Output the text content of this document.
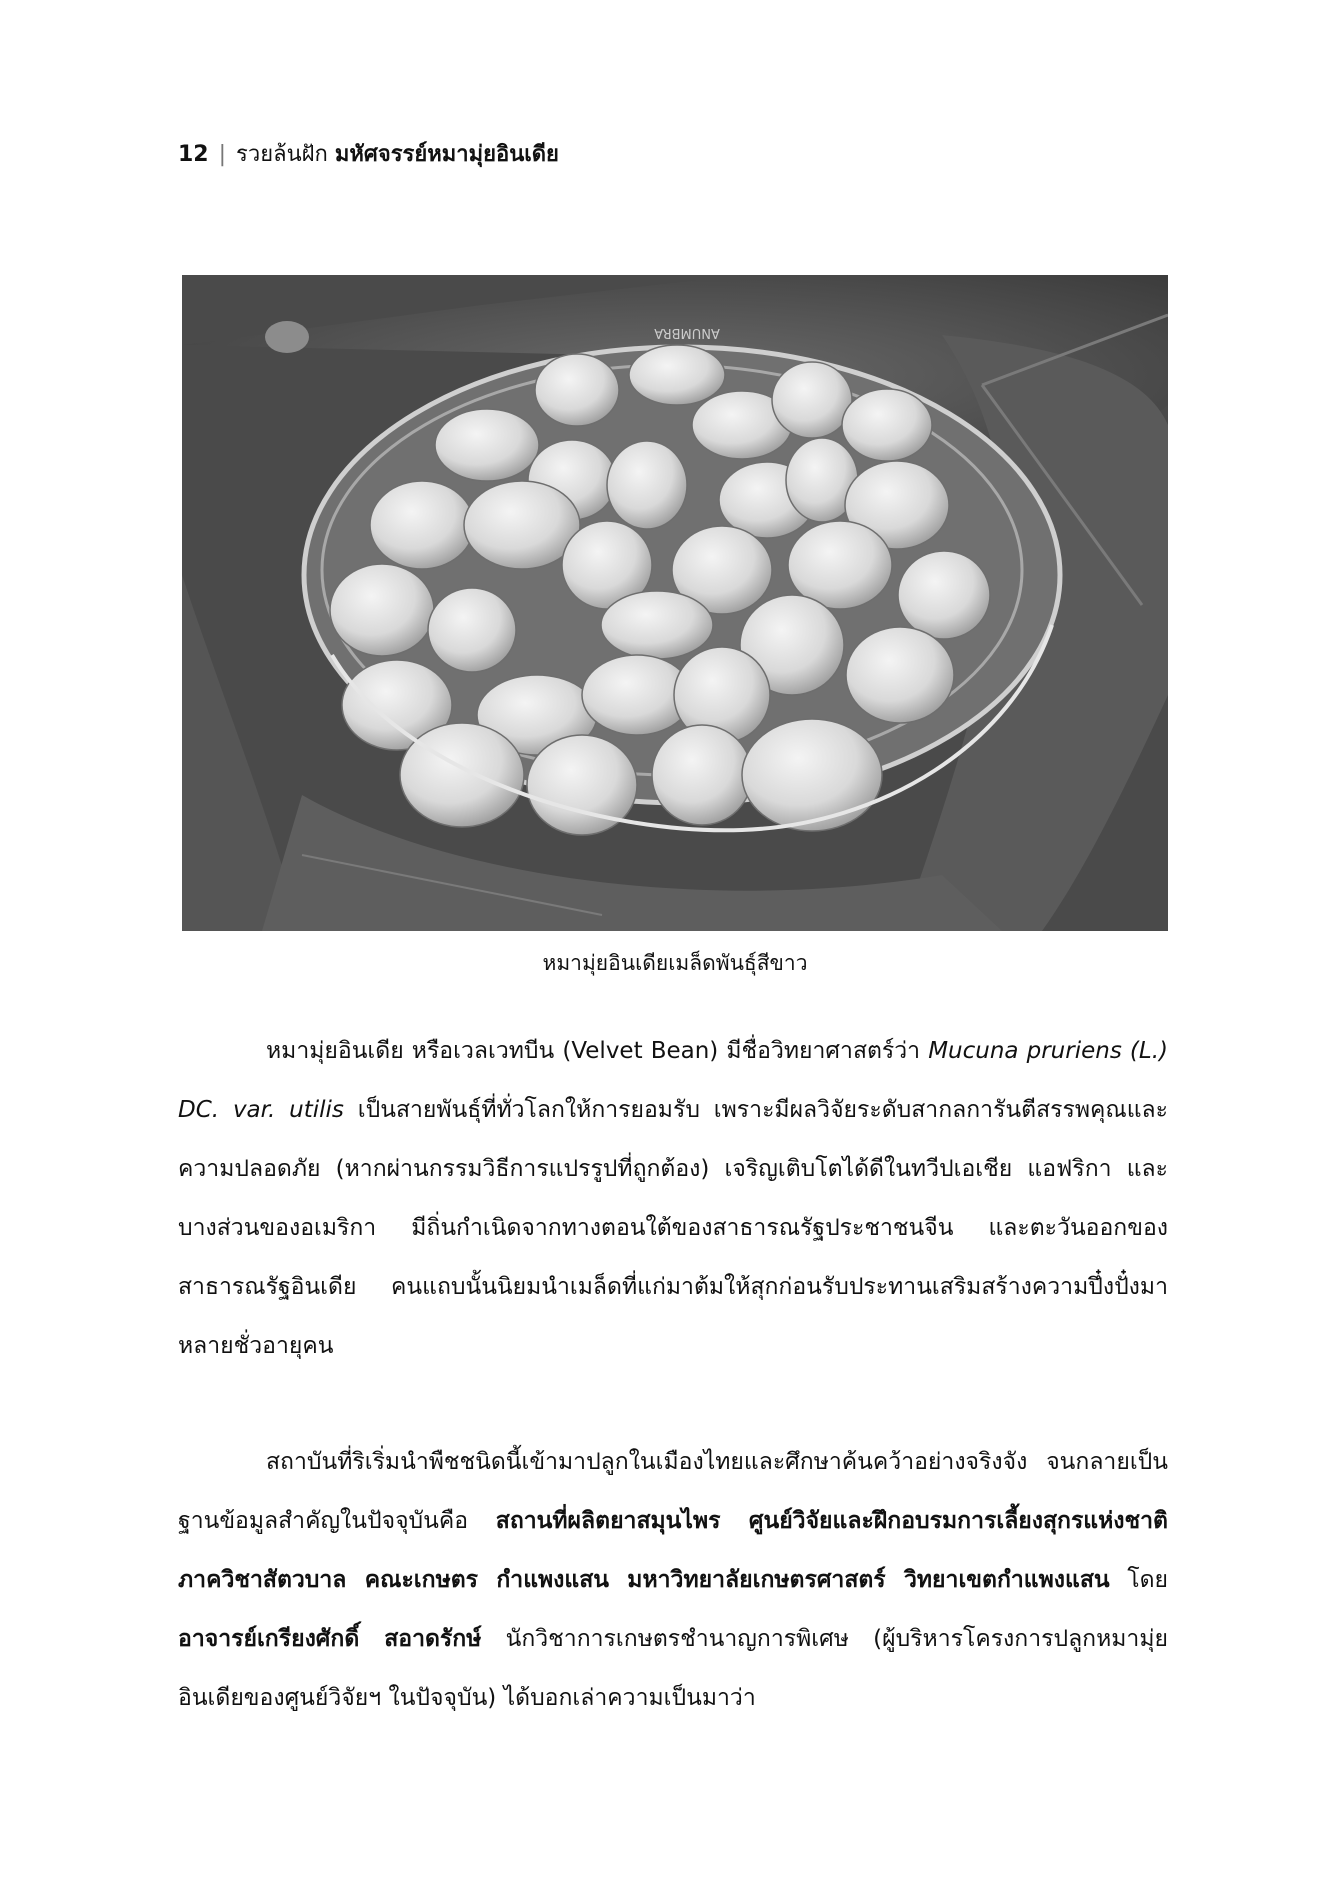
12 | รวยล้นฝัก มหัศจรรย์หมามุ่ยอินเดีย
ANUMBRA
หมามุ่ยอินเดียเมล็ดพันธุ์สีขาว
หมามุ่ยอินเดีย หรือเวลเวทบีน (Velvet Bean) มีชื่อวิทยาศาสตร์ว่า Mucuna pruriens (L.) DC. var. utilis เป็นสายพันธุ์ที่ทั่วโลกให้การยอมรับ เพราะมีผลวิจัยระดับสากลการันตีสรรพคุณและความปลอดภัย (หากผ่านกรรมวิธีการแปรรูปที่ถูกต้อง) เจริญเติบโตได้ดีในทวีปเอเชีย แอฟริกา และบางส่วนของอเมริกา มีถิ่นกำเนิดจากทางตอนใต้ของสาธารณรัฐประชาชนจีน และตะวันออกของสาธารณรัฐอินเดีย คนแถบนั้นนิยมนำเมล็ดที่แก่มาต้มให้สุกก่อนรับประทานเสริมสร้างความปึ๋งปั๋งมาหลายชั่วอายุคน
สถาบันที่ริเริ่มนำพืชชนิดนี้เข้ามาปลูกในเมืองไทยและศึกษาค้นคว้าอย่างจริงจัง จนกลายเป็นฐานข้อมูลสำคัญในปัจจุบันคือ สถานที่ผลิตยาสมุนไพร ศูนย์วิจัยและฝึกอบรมการเลี้ยงสุกรแห่งชาติ ภาควิชาสัตวบาล คณะเกษตร กำแพงแสน มหาวิทยาลัยเกษตรศาสตร์ วิทยาเขตกำแพงแสน โดย อาจารย์เกรียงศักดิ์ สอาดรักษ์ นักวิชาการเกษตรชำนาญการพิเศษ (ผู้บริหารโครงการปลูกหมามุ่ยอินเดียของศูนย์วิจัยฯ ในปัจจุบัน) ได้บอกเล่าความเป็นมาว่า
